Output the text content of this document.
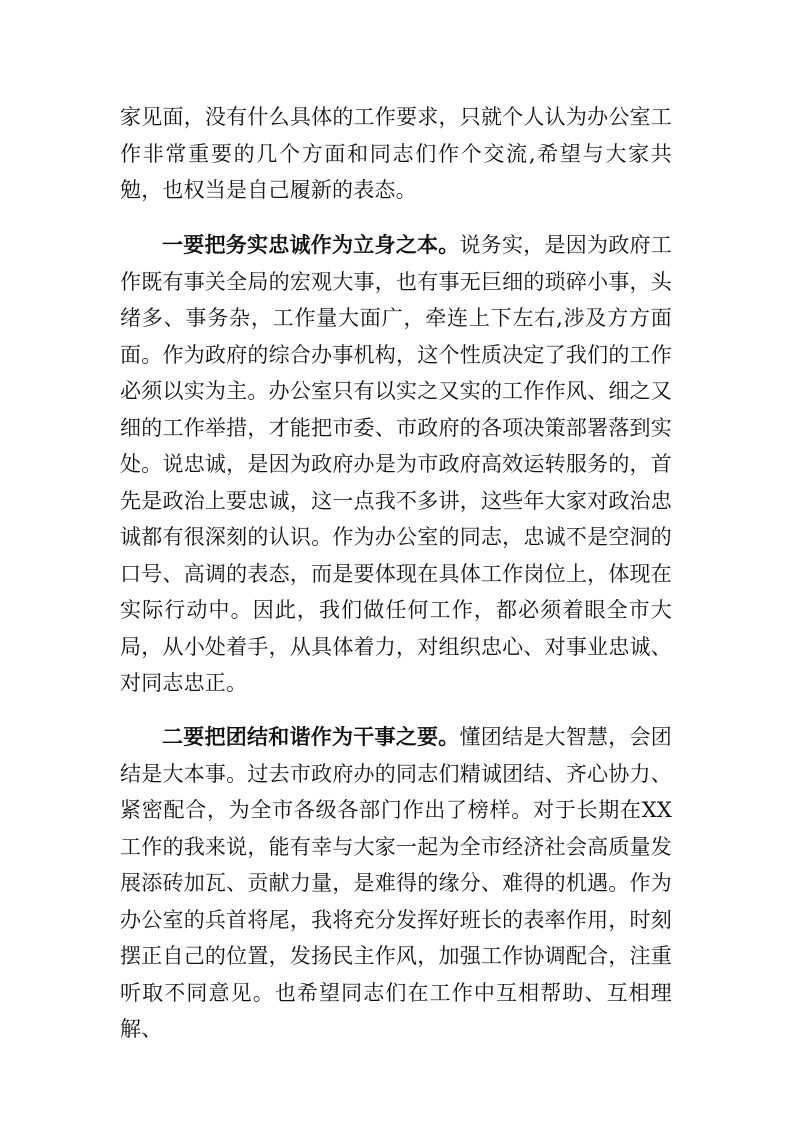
家见面，没有什么具体的工作要求，只就个人认为办公室工作非常重要的几个方面和同志们作个交流,希望与大家共勉，也权当是自己履新的表态。

一要把务实忠诚作为立身之本。说务实，是因为政府工作既有事关全局的宏观大事，也有事无巨细的琐碎小事，头绪多、事务杂，工作量大面广，牵连上下左右,涉及方方面面。作为政府的综合办事机构，这个性质决定了我们的工作必须以实为主。办公室只有以实之又实的工作作风、细之又细的工作举措，才能把市委、市政府的各项决策部署落到实处。说忠诚，是因为政府办是为市政府高效运转服务的，首先是政治上要忠诚，这一点我不多讲，这些年大家对政治忠诚都有很深刻的认识。作为办公室的同志，忠诚不是空洞的口号、高调的表态，而是要体现在具体工作岗位上，体现在实际行动中。因此，我们做任何工作，都必须着眼全市大局，从小处着手，从具体着力，对组织忠心、对事业忠诚、对同志忠正。

二要把团结和谐作为干事之要。懂团结是大智慧，会团结是大本事。过去市政府办的同志们精诚团结、齐心协力、紧密配合，为全市各级各部门作出了榜样。对于长期在XX工作的我来说，能有幸与大家一起为全市经济社会高质量发展添砖加瓦、贡献力量，是难得的缘分、难得的机遇。作为办公室的兵首将尾，我将充分发挥好班长的表率作用，时刻摆正自己的位置，发扬民主作风，加强工作协调配合，注重听取不同意见。也希望同志们在工作中互相帮助、互相理解、
